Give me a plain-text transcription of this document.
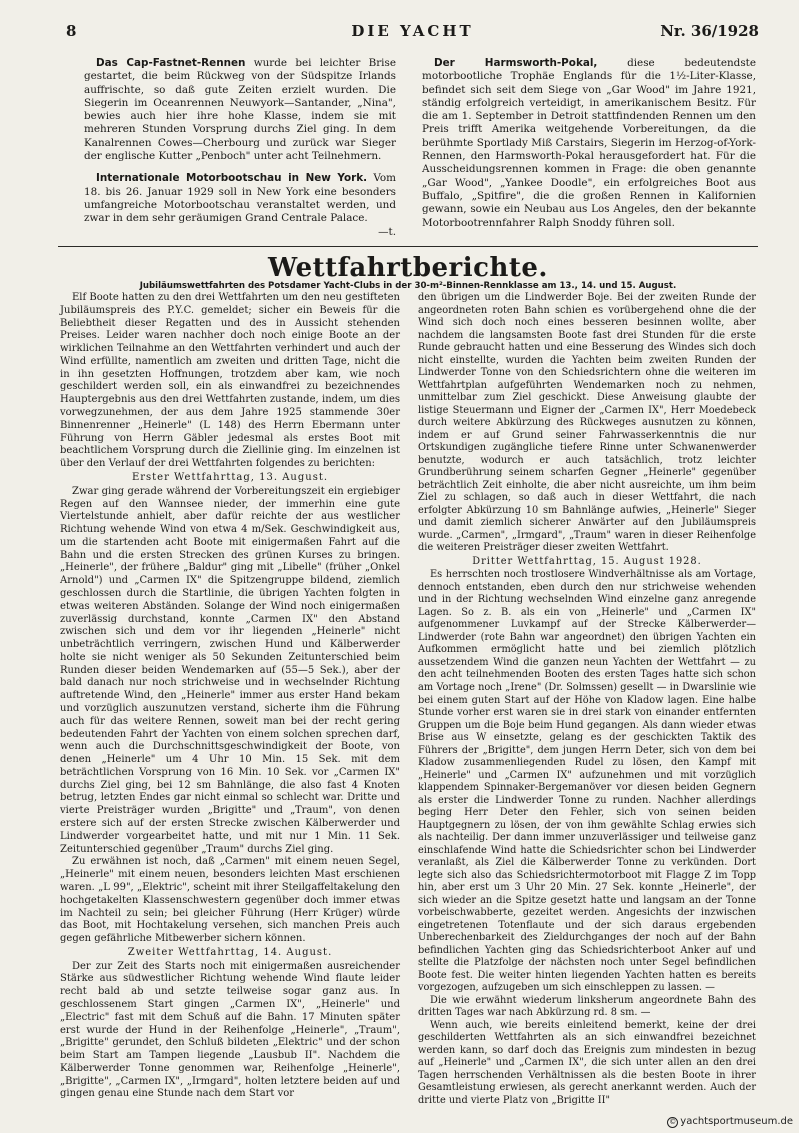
8	DIE YACHT	Nr. 36/1928

Das Cap-Fastnet-Rennen wurde bei leichter Brise gestartet, die beim Rückweg von der Südspitze Irlands auffrischte, so daß gute Zeiten erzielt wurden. Die Siegerin im Oceanrennen Neuwyork—Santander, „Nina", bewies auch hier ihre hohe Klasse, indem sie mit mehreren Stunden Vorsprung durchs Ziel ging. In dem Kanalrennen Cowes—Cherbourg und zurück war Sieger der englische Kutter „Penboch" unter acht Teilnehmern.

Internationale Motorbootschau in New York. Vom 18. bis 26. Januar 1929 soll in New York eine besonders umfangreiche Motorbootschau veranstaltet werden, und zwar in dem sehr geräumigen Grand Centrale Palace.
—t.

Der Harmsworth-Pokal, diese bedeutendste motorbootliche Trophäe Englands für die 1½-Liter-Klasse, befindet sich seit dem Siege von „Gar Wood" im Jahre 1921, ständig erfolgreich verteidigt, in amerikanischem Besitz. Für die am 1. September in Detroit stattfindenden Rennen um den Preis trifft Amerika weitgehende Vorbereitungen, da die berühmte Sportlady Miß Carstairs, Siegerin im Herzog-of-York-Rennen, den Harmsworth-Pokal herausgefordert hat. Für die Ausscheidungsrennen kommen in Frage: die oben genannte „Gar Wood", „Yankee Doodle", ein erfolgreiches Boot aus Buffalo, „Spitfire", die die großen Rennen in Kalifornien gewann, sowie ein Neubau aus Los Angeles, den der bekannte Motorbootrennfahrer Ralph Snoddy führen soll.

Wettfahrtberichte.
Jubiläumswettfahrten des Potsdamer Yacht-Clubs in der 30-m²-Binnen-Rennklasse am 13., 14. und 15. August.

Elf Boote hatten zu den drei Wettfahrten um den neu gestifteten Jubiläumspreis des P.Y.C. gemeldet; sicher ein Beweis für die Beliebtheit dieser Regatten und des in Aussicht stehenden Preises. Leider waren nachher doch noch einige Boote an der wirklichen Teilnahme an den Wettfahrten verhindert und auch der Wind erfüllte, namentlich am zweiten und dritten Tage, nicht die in ihn gesetzten Hoffnungen, trotzdem aber kam, wie noch geschildert werden soll, ein als einwandfrei zu bezeichnendes Hauptergebnis aus den drei Wettfahrten zustande, indem, um dies vorwegzunehmen, der aus dem Jahre 1925 stammende 30er Binnenrenner „Heinerle" (L 148) des Herrn Ebermann unter Führung von Herrn Gäbler jedesmal als erstes Boot mit beachtlichem Vorsprung durch die Ziellinie ging. Im einzelnen ist über den Verlauf der drei Wettfahrten folgendes zu berichten:

Erster Wettfahrttag, 13. August.

Zwar ging gerade während der Vorbereitungszeit ein ergiebiger Regen auf den Wannsee nieder, der immerhin eine gute Viertelstunde anhielt, aber dafür reichte der aus westlicher Richtung wehende Wind von etwa 4 m/Sek. Geschwindigkeit aus, um die startenden acht Boote mit einigermaßen Fahrt auf die Bahn und die ersten Strecken des grünen Kurses zu bringen. „Heinerle", der frühere „Baldur" ging mit „Libelle" (früher „Onkel Arnold") und „Carmen IX" die Spitzengruppe bildend, ziemlich geschlossen durch die Startlinie, die übrigen Yachten folgten in etwas weiteren Abständen. Solange der Wind noch einigermaßen zuverlässig durchstand, konnte „Carmen IX" den Abstand zwischen sich und dem vor ihr liegenden „Heinerle" nicht unbeträchtlich verringern, zwischen Hund und Kälberwerder holte sie nicht weniger als 50 Sekunden Zeitunterschied beim Runden dieser beiden Wendemarken auf (55—5 Sek.), aber der bald danach nur noch strichweise und in wechselnder Richtung auftretende Wind, den „Heinerle" immer aus erster Hand bekam und vorzüglich auszunutzen verstand, sicherte ihm die Führung auch für das weitere Rennen, soweit man bei der recht gering bedeutenden Fahrt der Yachten von einem solchen sprechen darf, wenn auch die Durchschnittsgeschwindigkeit der Boote, von denen „Heinerle" um 4 Uhr 10 Min. 15 Sek. mit dem beträchtlichen Vorsprung von 16 Min. 10 Sek. vor „Carmen IX" durchs Ziel ging, bei 12 sm Bahnlänge, die also fast 4 Knoten betrug, letzten Endes gar nicht einmal so schlecht war. Dritte und vierte Preisträger wurden „Brigitte" und „Traum", von denen erstere sich auf der ersten Strecke zwischen Kälberwerder und Lindwerder vorgearbeitet hatte, und mit nur 1 Min. 11 Sek. Zeitunterschied gegenüber „Traum" durchs Ziel ging.

Zu erwähnen ist noch, daß „Carmen" mit einem neuen Segel, „Heinerle" mit einem neuen, besonders leichten Mast erschienen waren. „L 99", „Elektric", scheint mit ihrer Steilgaffeltakelung den hochgetakelten Klassenschwestern gegenüber doch immer etwas im Nachteil zu sein; bei gleicher Führung (Herr Krüger) würde das Boot, mit Hochtakelung versehen, sich manchen Preis auch gegen gefährliche Mitbewerber sichern können.

Zweiter Wettfahrttag, 14. August.

Der zur Zeit des Starts noch mit einigermaßen ausreichender Stärke aus südwestlicher Richtung wehende Wind flaute leider recht bald ab und setzte teilweise sogar ganz aus. In geschlossenem Start gingen „Carmen IX", „Heinerle" und „Electric" fast mit dem Schuß auf die Bahn. 17 Minuten später erst wurde der Hund in der Reihenfolge „Heinerle", „Traum", „Brigitte" gerundet, den Schluß bildeten „Elektric" und der schon beim Start am Tampen liegende „Lausbub II". Nachdem die Kälberwerder Tonne genommen war, Reihenfolge „Heinerle", „Brigitte", „Carmen IX", „Irmgard", holten letztere beiden auf und gingen genau eine Stunde nach dem Start vor

den übrigen um die Lindwerder Boje. Bei der zweiten Runde der angeordneten roten Bahn schien es vorübergehend ohne die der Wind sich doch noch eines besseren besinnen wollte, aber nachdem die langsamsten Boote fast drei Stunden für die erste Runde gebraucht hatten und eine Besserung des Windes sich doch nicht einstellte, wurden die Yachten beim zweiten Runden der Lindwerder Tonne von den Schiedsrichtern ohne die weiteren im Wettfahrtplan aufgeführten Wendemarken noch zu nehmen, unmittelbar zum Ziel geschickt. Diese Anweisung glaubte der listige Steuermann und Eigner der „Carmen IX", Herr Moedebeck durch weitere Abkürzung des Rückweges ausnutzen zu können, indem er auf Grund seiner Fahrwasserkenntnis die nur Ortskundigen zugängliche tiefere Rinne unter Schwanenwerder benutzte, wodurch er auch tatsächlich, trotz leichter Grundberührung seinem scharfen Gegner „Heinerle" gegenüber beträchtlich Zeit einholte, die aber nicht ausreichte, um ihm beim Ziel zu schlagen, so daß auch in dieser Wettfahrt, die nach erfolgter Abkürzung 10 sm Bahnlänge aufwies, „Heinerle" Sieger und damit ziemlich sicherer Anwärter auf den Jubiläumspreis wurde. „Carmen", „Irmgard", „Traum" waren in dieser Reihenfolge die weiteren Preisträger dieser zweiten Wettfahrt.

Dritter Wettfahrttag, 15. August 1928.

Es herrschten noch trostlosere Windverhältnisse als am Vortage, dennoch entstanden, eben durch den nur strichweise wehenden und in der Richtung wechselnden Wind einzelne ganz anregende Lagen. So z. B. als ein von „Heinerle" und „Carmen IX" aufgenommener Luvkampf auf der Strecke Kälberwerder—Lindwerder (rote Bahn war angeordnet) den übrigen Yachten ein Aufkommen ermöglicht hatte und bei ziemlich plötzlich aussetzendem Wind die ganzen neun Yachten der Wettfahrt — zu den acht teilnehmenden Booten des ersten Tages hatte sich schon am Vortage noch „Irene" (Dr. Solmssen) gesellt — in Dwarslinie wie bei einem guten Start auf der Höhe von Kladow lagen. Eine halbe Stunde vorher erst waren sie in drei stark von einander entfernten Gruppen um die Boje beim Hund gegangen. Als dann wieder etwas Brise aus W einsetzte, gelang es der geschickten Taktik des Führers der „Brigitte", dem jungen Herrn Deter, sich von dem bei Kladow zusammenliegenden Rudel zu lösen, den Kampf mit „Heinerle" und „Carmen IX" aufzunehmen und mit vorzüglich klappendem Spinnaker-Bergemanöver vor diesen beiden Gegnern als erster die Lindwerder Tonne zu runden. Nachher allerdings beging Herr Deter den Fehler, sich von seinen beiden Hauptgegnern zu lösen, der von ihm gewählte Schlag erwies sich als nachteilig. Der dann immer unzuverlässiger und teilweise ganz einschlafende Wind hatte die Schiedsrichter schon bei Lindwerder veranlaßt, als Ziel die Kälberwerder Tonne zu verkünden. Dort legte sich also das Schiedsrichtermotorboot mit Flagge Z im Topp hin, aber erst um 3 Uhr 20 Min. 27 Sek. konnte „Heinerle", der sich wieder an die Spitze gesetzt hatte und langsam an der Tonne vorbeischwabberte, gezeitet werden. Angesichts der inzwischen eingetretenen Totenflaute und der sich daraus ergebenden Unberechenbarkeit des Zieldurchganges der noch auf der Bahn befindlichen Yachten ging das Schiedsrichterboot Anker auf und stellte die Platzfolge der nächsten noch unter Segel befindlichen Boote fest. Die weiter hinten liegenden Yachten hatten es bereits vorgezogen, aufzugeben um sich einschleppen zu lassen. —

Die wie erwähnt wiederum linksherum angeordnete Bahn des dritten Tages war nach Abkürzung rd. 8 sm. —

Wenn auch, wie bereits einleitend bemerkt, keine der drei geschilderten Wettfahrten als an sich einwandfrei bezeichnet werden kann, so darf doch das Ereignis zum mindesten in bezug auf „Heinerle" und „Carmen IX", die sich unter allen an den drei Tagen herrschenden Verhältnissen als die besten Boote in ihrer Gesamtleistung erwiesen, als gerecht anerkannt werden. Auch der dritte und vierte Platz von „Brigitte II"

© yachtsportmuseum.de
